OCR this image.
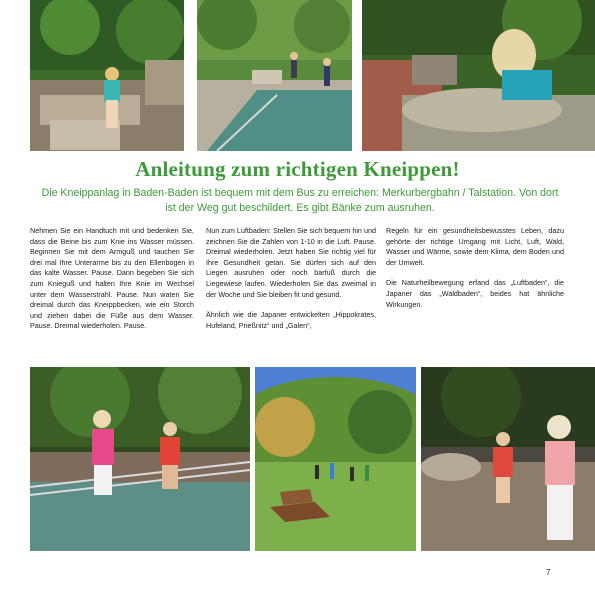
Anleitung zum richtigen Kneippen!

Die Kneippanlag in Baden-Baden ist bequem mit dem Bus zu erreichen: Merkurbergbahn / Talstation. Von dort ist der Weg gut beschildert. Es gibt Bänke zum ausruhen.

Nehmen Sie ein Handtuch mit und bedenken Sie, dass die Beine bis zum Knie ins Wasser müssen. Beginnen Sie mit dem Armguß und tauchen Sie drei mal Ihre Unterarme bis zu den Ellenbogen in das kalte Wasser. Pause. Dann begeben Sie sich zum Knieguß und halten Ihre Knie im Wechsel unter dem Wasserstrahl. Pause. Nun waten Sie dreimal durch das Kneippbecken, wie ein Storch und ziehen dabei die Füße aus dem Wasser. Pause. Dreimal wiederholen. Pause.

Nun zum Luftbaden: Stellen Sie sich bequem hin und zeichnen Sie die Zahlen von 1-10 in die Luft. Pause. Dreimal wiederholen. Jetzt haben Sie richtig viel für Ihre Gesundheit getan. Sie dürfen sich auf den Liegen ausruhen oder noch barfuß durch die Liegewiese laufen. Wiederholen Sie das zweimal in der Woche und Sie bleiben fit und gesund.

Ähnlich wie die Japaner entwickelten „Hippokrates, Hufeland, Prießnitz“ und „Galen“,

Regeln für ein gesundheitsbewusstes Leben, dazu gehörte der richtige Umgang mit Licht, Luft, Wald, Wasser und Wärme, sowie dem Klima, dem Boden und der Umwelt.

Die Naturheilbewegung erfand das „Luftbaden“, die Japaner das „Waldbaden“, beides hat ähnliche Wirkungen.

7
